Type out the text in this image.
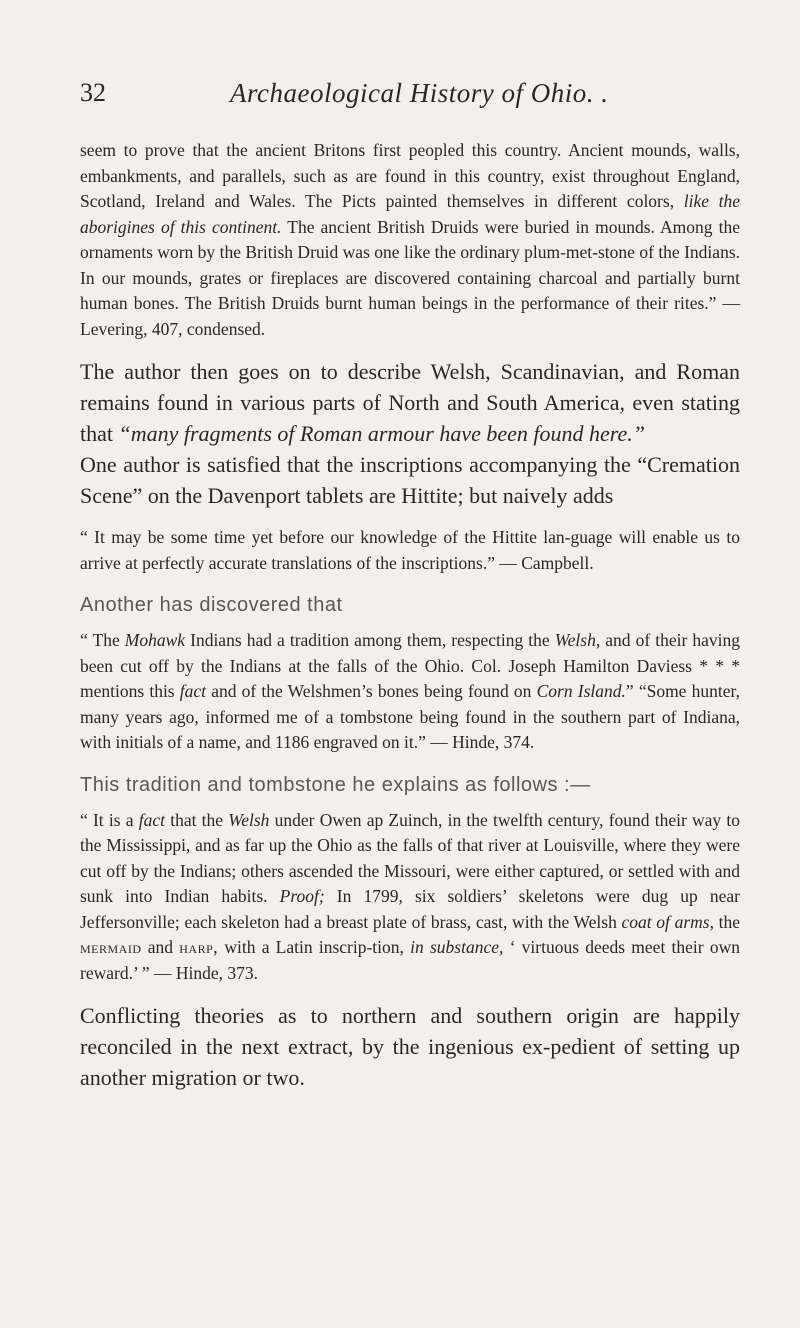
32	Archaeological History of Ohio. .

seem to prove that the ancient Britons first peopled this country. Ancient mounds, walls, embankments, and parallels, such as are found in this country, exist throughout England, Scotland, Ireland and Wales. The Picts painted themselves in different colors, like the aborigines of this continent. The ancient British Druids were buried in mounds. Among the ornaments worn by the British Druid was one like the ordinary plum-met-stone of the Indians. In our mounds, grates or fireplaces are discovered containing charcoal and partially burnt human bones. The British Druids burnt human beings in the performance of their rites.” — Levering, 407, condensed.

The author then goes on to describe Welsh, Scandinavian, and Roman remains found in various parts of North and South America, even stating that “many fragments of Roman armour have been found here.”

One author is satisfied that the inscriptions accompanying the “Cremation Scene” on the Davenport tablets are Hittite; but naively adds

“ It may be some time yet before our knowledge of the Hittite lan-guage will enable us to arrive at perfectly accurate translations of the inscriptions.” — Campbell.

Another has discovered that

“ The Mohawk Indians had a tradition among them, respecting the Welsh, and of their having been cut off by the Indians at the falls of the Ohio. Col. Joseph Hamilton Daviess * * * mentions this fact and of the Welshmen’s bones being found on Corn Island.” “Some hunter, many years ago, informed me of a tombstone being found in the southern part of Indiana, with initials of a name, and 1186 engraved on it.” — Hinde, 374.

This tradition and tombstone he explains as follows :—

“ It is a fact that the Welsh under Owen ap Zuinch, in the twelfth century, found their way to the Mississippi, and as far up the Ohio as the falls of that river at Louisville, where they were cut off by the Indians; others ascended the Missouri, were either captured, or settled with and sunk into Indian habits. Proof; In 1799, six soldiers’ skeletons were dug up near Jeffersonville; each skeleton had a breast plate of brass, cast, with the Welsh coat of arms, the mermaid and harp, with a Latin inscrip-tion, in substance, ‘ virtuous deeds meet their own reward.’ ” — Hinde, 373.

Conflicting theories as to northern and southern origin are happily reconciled in the next extract, by the ingenious ex-pedient of setting up another migration or two.
